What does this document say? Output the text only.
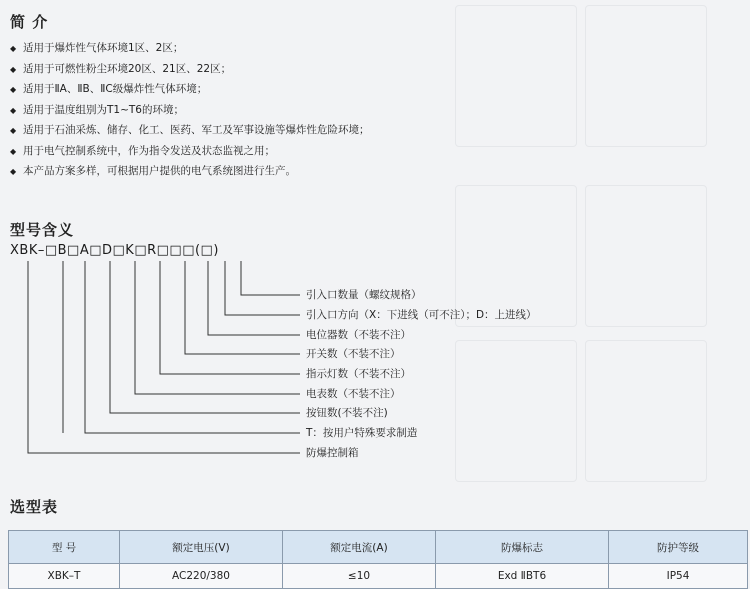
简 介
◆ 适用于爆炸性气体环境1区、2区；
◆ 适用于可燃性粉尘环境20区、21区、22区；
◆ 适用于ⅡA、ⅡB、ⅡC级爆炸性气体环境；
◆ 适用于温度组别为T1~T6的环境；
◆ 适用于石油采炼、储存、化工、医药、军工及军事设施等爆炸性危险环境；
◆ 用于电气控制系统中，作为指令发送及状态监视之用；
◆ 本产品方案多样，可根据用户提供的电气系统图进行生产。
型号含义
XBK–□B□A□D□K□R□□□(□)
引入口数量（螺纹规格）
引入口方向（X：下进线（可不注）；D：上进线）
电位器数（不装不注）
开关数（不装不注）
指示灯数（不装不注）
电表数（不装不注）
按钮数(不装不注)
T：按用户特殊要求制造
防爆控制箱
选型表
型 号	额定电压(V)	额定电流(A)	防爆标志	防护等级
XBK–T	AC220/380	≤10	Exd ⅡBT6	IP54
